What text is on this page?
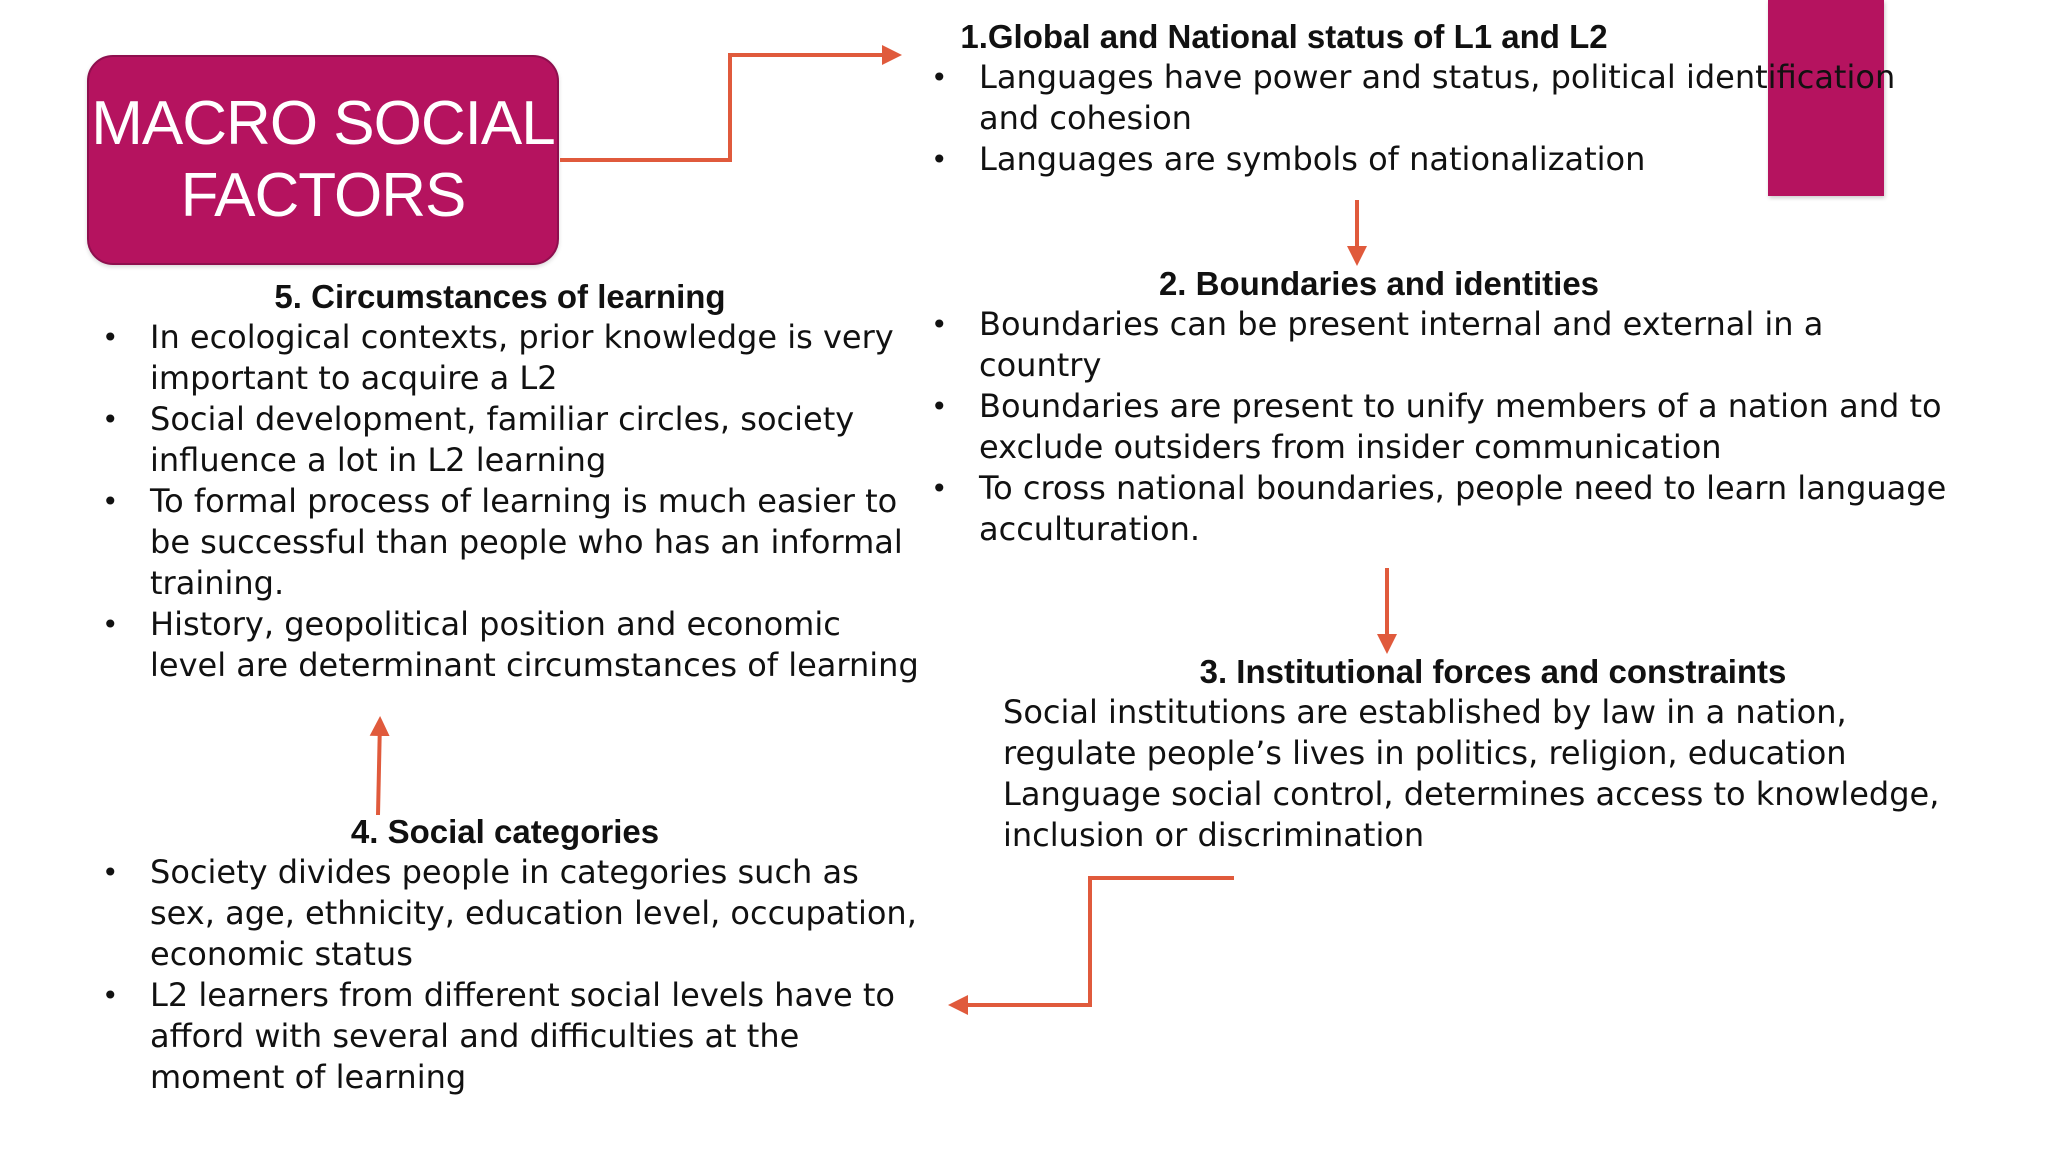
MACRO SOCIAL
FACTORS
1.Global and National status of L1 and L2
• Languages have power and status, political identification and cohesion
• Languages are symbols of nationalization
2. Boundaries and identities
• Boundaries can be present internal and external in a country
• Boundaries are present to unify members of a nation and to exclude outsiders from insider communication
• To cross national boundaries, people need to learn language acculturation.
3. Institutional forces and constraints
Social institutions are established by law in a nation, regulate people’s lives in politics, religion, education
Language social control, determines access to knowledge, inclusion or discrimination
4. Social categories
• Society divides people in categories such as sex, age, ethnicity, education level, occupation, economic status
• L2 learners from different social levels have to afford with several and difficulties at the moment of learning
5. Circumstances of learning
• In ecological contexts, prior knowledge is very important to acquire a L2
• Social development, familiar circles, society influence a lot in L2 learning
• To formal process of learning is much easier to be successful than people who has an informal training.
• History, geopolitical position and economic level are determinant circumstances of learning
